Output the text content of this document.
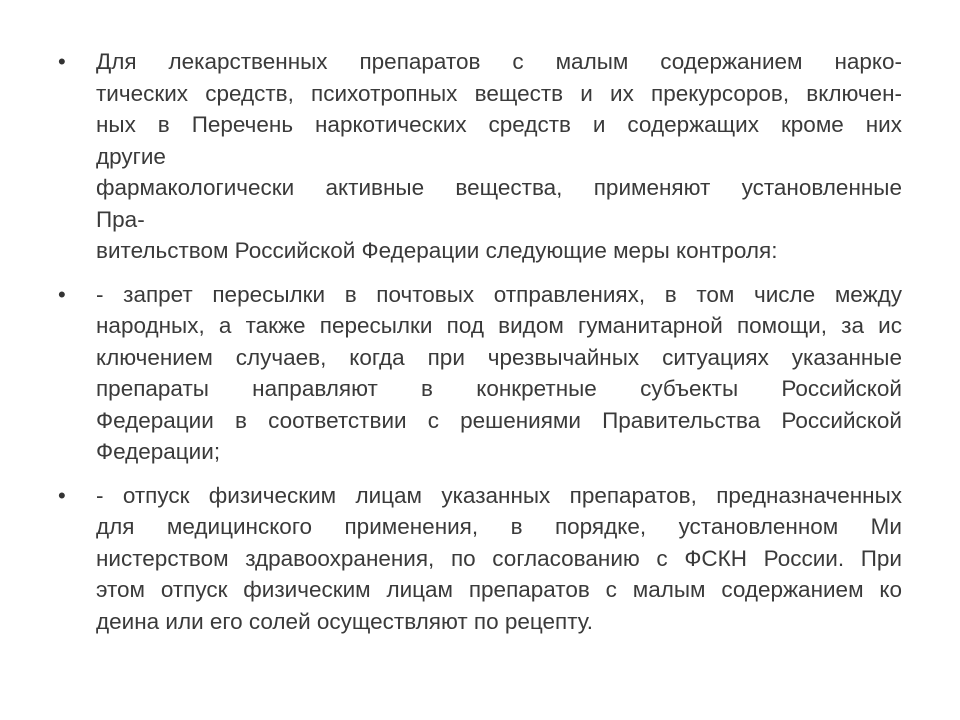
• Для лекарственных препаратов с малым содержанием нарко-
тических средств, психотропных веществ и их прекурсоров, включен-
ных в Перечень наркотических средств и содержащих кроме них
другие
фармакологически активные вещества, применяют установленные
Пра-
вительством Российской Федерации следующие меры контроля:
• - запрет пересылки в почтовых отправлениях, в том числе между
народных, а также пересылки под видом гуманитарной помощи, за ис
ключением случаев, когда при чрезвычайных ситуациях указанные
препараты направляют в конкретные субъекты Российской
Федерации в соответствии с решениями Правительства Российской
Федерации;
• - отпуск физическим лицам указанных препаратов, предназначенных
для медицинского применения, в порядке, установленном Ми
нистерством здравоохранения, по согласованию с ФСКН России. При
этом отпуск физическим лицам препаратов с малым содержанием ко
деина или его солей осуществляют по рецепту.
